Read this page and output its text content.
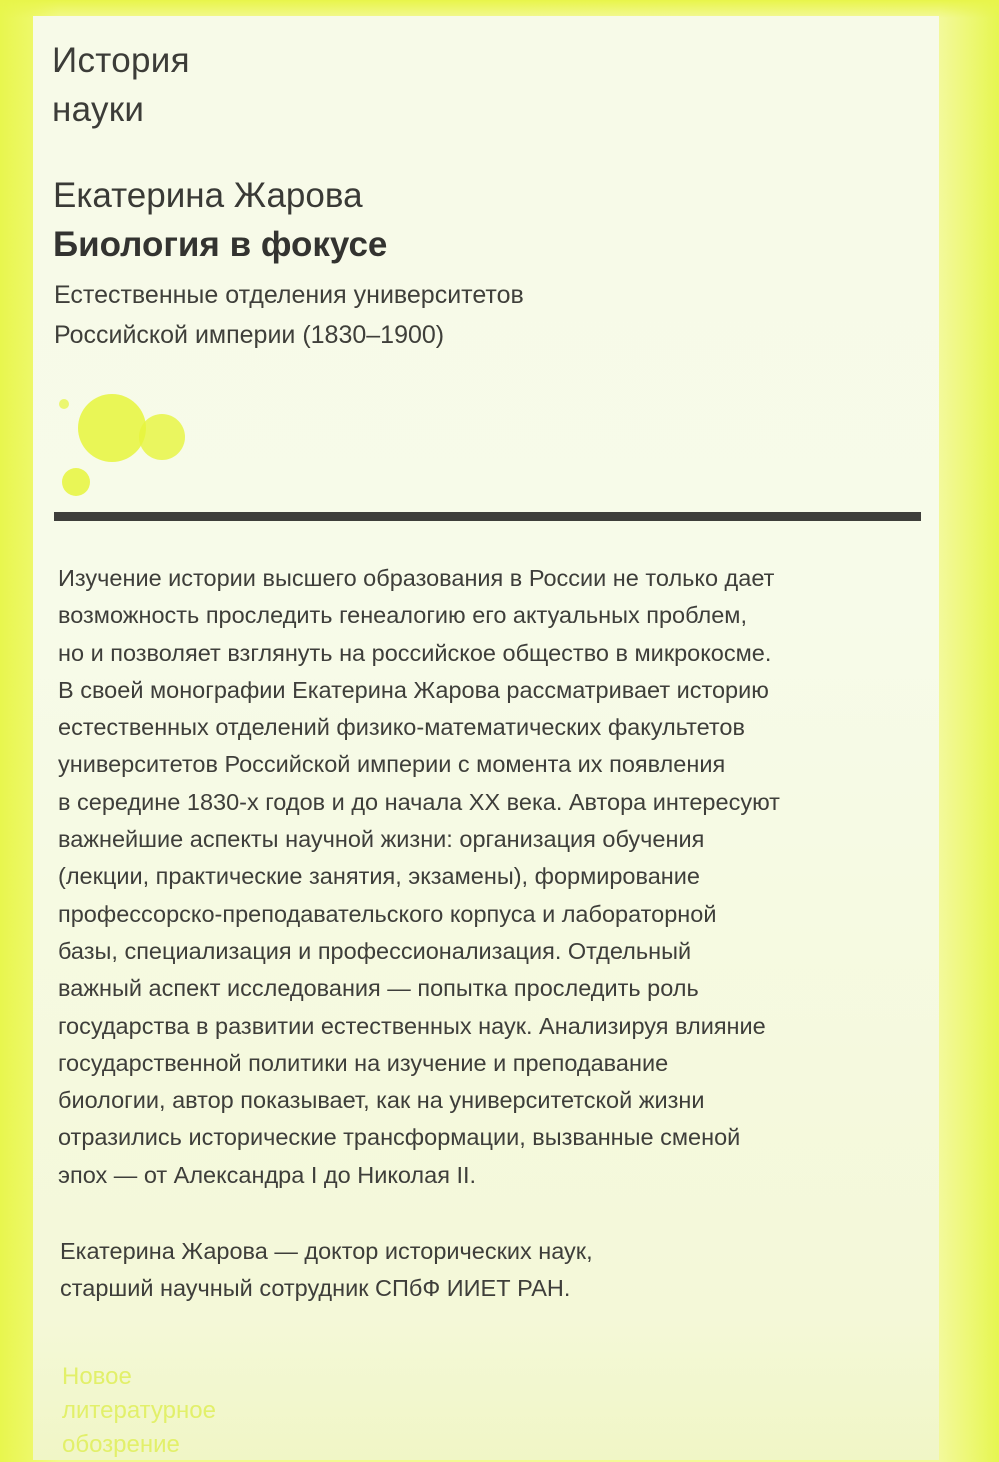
История
науки
Екатерина Жарова
Биология в фокусе

Естественные отделения университетов
Российской империи (1830–1900)

Изучение истории высшего образования в России не только дает
возможность проследить генеалогию его актуальных проблем,
но и позволяет взглянуть на российское общество в микрокосме.
В своей монографии Екатерина Жарова рассматривает историю
естественных отделений физико-математических факультетов
университетов Российской империи с момента их появления
в середине 1830-х годов и до начала XX века. Автора интересуют
важнейшие аспекты научной жизни: организация обучения
(лекции, практические занятия, экзамены), формирование
профессорско-преподавательского корпуса и лабораторной
базы, специализация и профессионализация. Отдельный
важный аспект исследования — попытка проследить роль
государства в развитии естественных наук. Анализируя влияние
государственной политики на изучение и преподавание
биологии, автор показывает, как на университетской жизни
отразились исторические трансформации, вызванные сменой
эпох — от Александра I до Николая II.

Екатерина Жарова — доктор исторических наук,
старший научный сотрудник СПбФ ИИЕТ РАН.

Новое
литературное
обозрение
